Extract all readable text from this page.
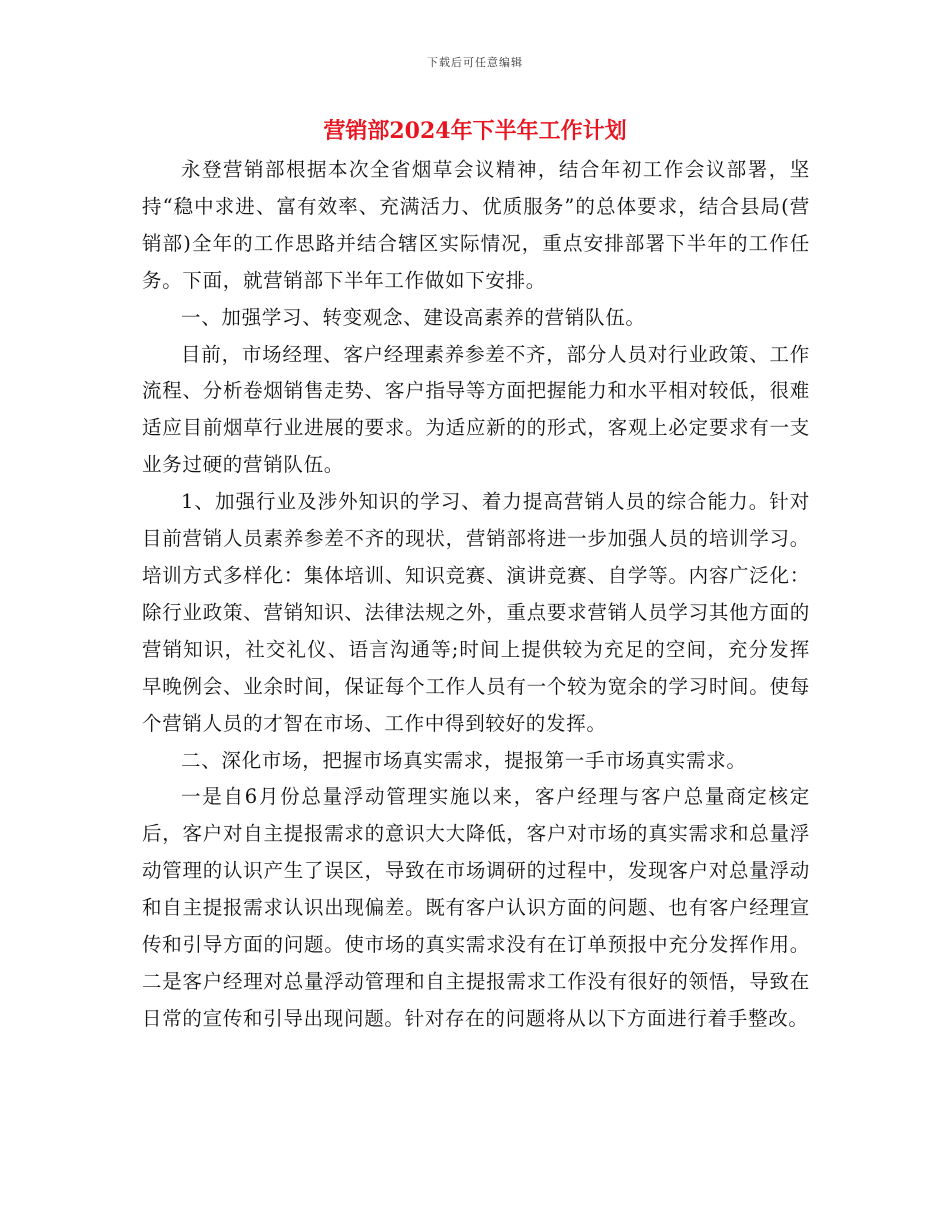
下载后可任意编辑
营销部2024年下半年工作计划

永登营销部根据本次全省烟草会议精神，结合年初工作会议部署，坚持“稳中求进、富有效率、充满活力、优质服务”的总体要求，结合县局(营销部)全年的工作思路并结合辖区实际情况，重点安排部署下半年的工作任务。下面，就营销部下半年工作做如下安排。

一、加强学习、转变观念、建设高素养的营销队伍。

目前，市场经理、客户经理素养参差不齐，部分人员对行业政策、工作流程、分析卷烟销售走势、客户指导等方面把握能力和水平相对较低，很难适应目前烟草行业进展的要求。为适应新的的形式，客观上必定要求有一支业务过硬的营销队伍。

1、加强行业及涉外知识的学习、着力提高营销人员的综合能力。针对目前营销人员素养参差不齐的现状，营销部将进一步加强人员的培训学习。培训方式多样化：集体培训、知识竞赛、演讲竞赛、自学等。内容广泛化：除行业政策、营销知识、法律法规之外，重点要求营销人员学习其他方面的营销知识，社交礼仪、语言沟通等;时间上提供较为充足的空间，充分发挥早晚例会、业余时间，保证每个工作人员有一个较为宽余的学习时间。使每个营销人员的才智在市场、工作中得到较好的发挥。

二、深化市场，把握市场真实需求，提报第一手市场真实需求。

一是自6月份总量浮动管理实施以来，客户经理与客户总量商定核定后，客户对自主提报需求的意识大大降低，客户对市场的真实需求和总量浮动管理的认识产生了误区，导致在市场调研的过程中，发现客户对总量浮动和自主提报需求认识出现偏差。既有客户认识方面的问题、也有客户经理宣传和引导方面的问题。使市场的真实需求没有在订单预报中充分发挥作用。二是客户经理对总量浮动管理和自主提报需求工作没有很好的领悟，导致在日常的宣传和引导出现问题。针对存在的问题将从以下方面进行着手整改。
